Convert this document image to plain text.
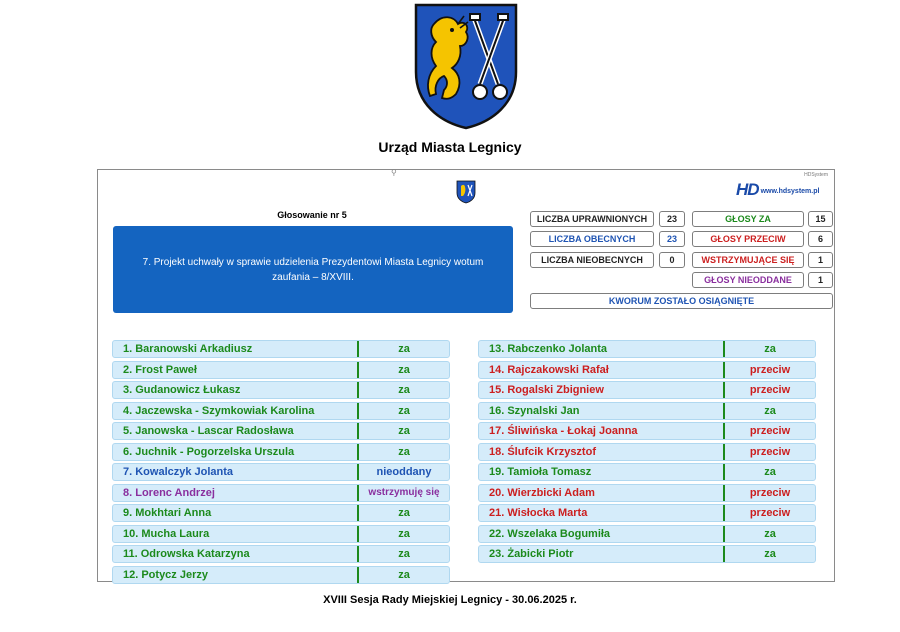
Urząd Miasta Legnicy
⚲	HDSystem
HD www.hdsystem.pl
Głosowanie nr 5
7. Projekt uchwały w sprawie udzielenia Prezydentowi Miasta Legnicy wotum zaufania – 8/XVIII.
LICZBA UPRAWNIONYCH	23
LICZBA OBECNYCH	23
LICZBA NIEOBECNYCH	0
GŁOSY ZA	15
GŁOSY PRZECIW	6
WSTRZYMUJĄCE SIĘ	1
GŁOSY NIEODDANE	1
KWORUM ZOSTAŁO OSIĄGNIĘTE
1. Baranowski Arkadiusz	za
2. Frost Paweł	za
3. Gudanowicz Łukasz	za
4. Jaczewska - Szymkowiak Karolina	za
5. Janowska - Lascar Radosława	za
6. Juchnik - Pogorzelska Urszula	za
7. Kowalczyk Jolanta	nieoddany
8. Lorenc Andrzej	wstrzymuję się
9. Mokhtari Anna	za
10. Mucha Laura	za
11. Odrowska Katarzyna	za
12. Potycz Jerzy	za
13. Rabczenko Jolanta	za
14. Rajczakowski Rafał	przeciw
15. Rogalski Zbigniew	przeciw
16. Szynalski Jan	za
17. Śliwińska - Łokaj Joanna	przeciw
18. Ślufcik Krzysztof	przeciw
19. Tamioła Tomasz	za
20. Wierzbicki Adam	przeciw
21. Wisłocka Marta	przeciw
22. Wszelaka Bogumiła	za
23. Żabicki Piotr	za
XVIII Sesja Rady Miejskiej Legnicy - 30.06.2025 r.
